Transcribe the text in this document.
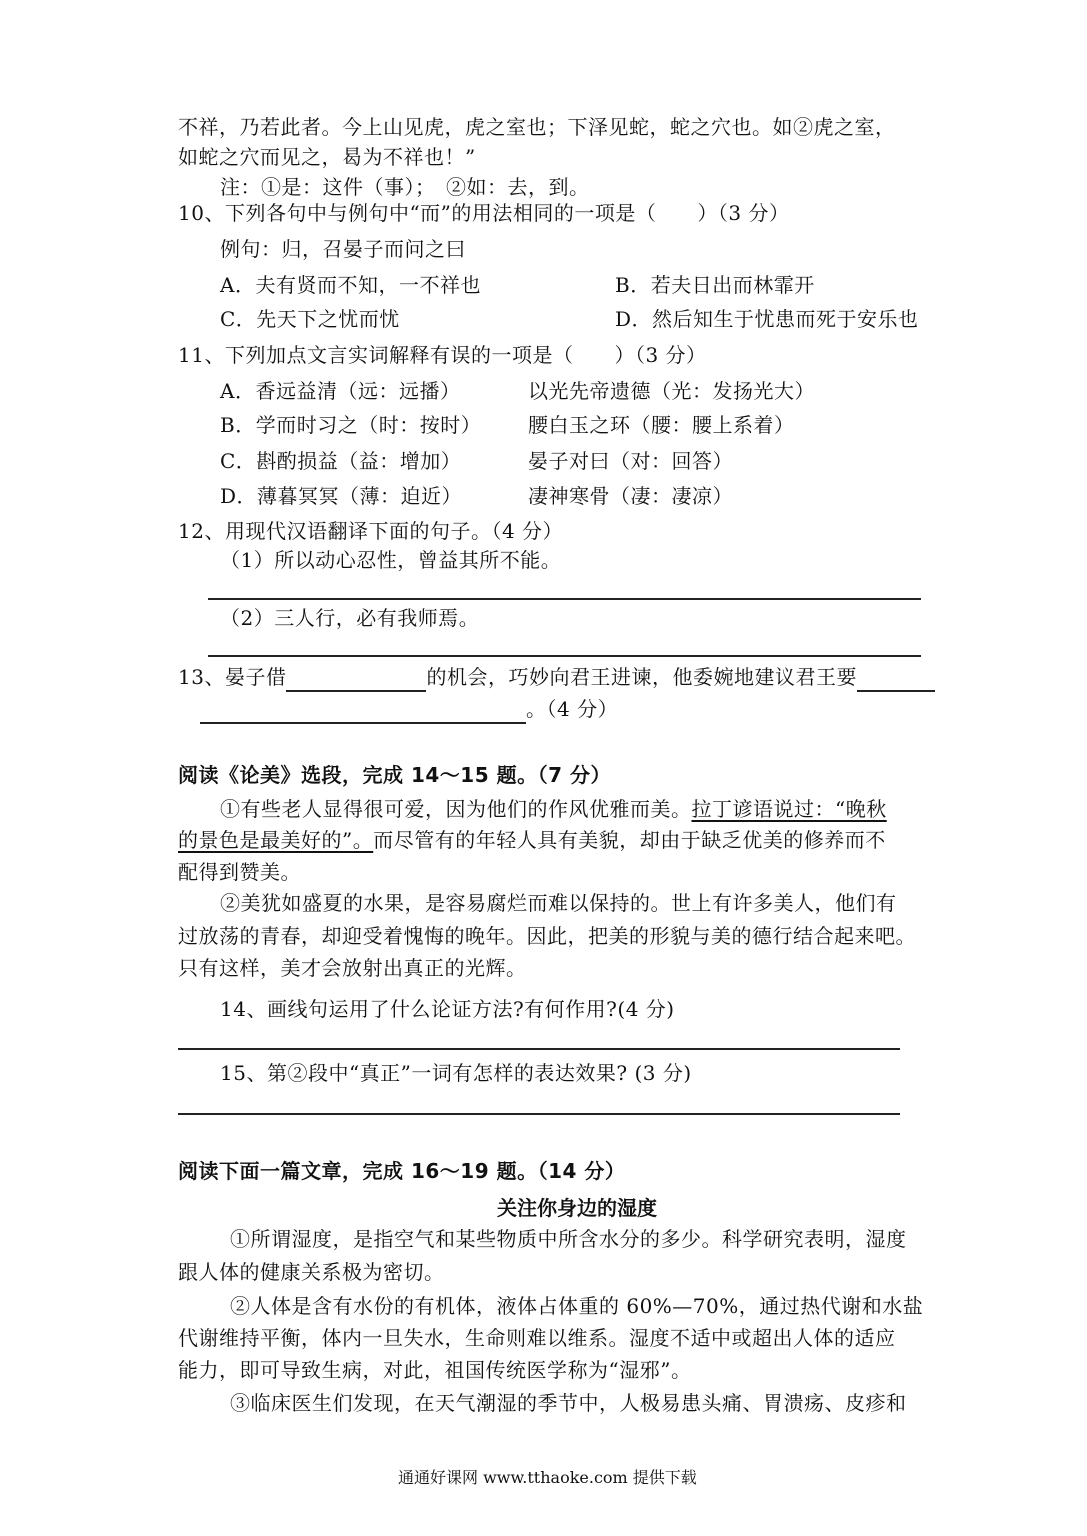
不祥，乃若此者。今上山见虎，虎之室也；下泽见蛇，蛇之穴也。如②虎之室，
如蛇之穴而见之，曷为不祥也！”
注：①是：这件（事）；　②如：去，到。
10、下列各句中与例句中“而”的用法相同的一项是（　　）（3 分）
例句：归，召晏子而问之曰
A．夫有贤而不知，一不祥也	B．若夫日出而林霏开
C．先天下之忧而忧	D．然后知生于忧患而死于安乐也
11、下列加点文言实词解释有误的一项是（　　）（3 分）
A．香远益清（远：远播）	以光先帝遗德（光：发扬光大）
B．学而时习之（时：按时） 腰白玉之环（腰：腰上系着）
C．斟酌损益（益：增加）	晏子对曰（对：回答）
D．薄暮冥冥（薄：迫近）	凄神寒骨（凄：凄凉）
12、用现代汉语翻译下面的句子。（4 分）
（1）所以动心忍性，曾益其所不能。
（2）三人行，必有我师焉。
13、晏子借	的机会，巧妙向君王进谏，他委婉地建议君王要
。（4 分）
阅读《论美》选段，完成 14～15 题。（7 分）
①有些老人显得很可爱，因为他们的作风优雅而美。拉丁谚语说过：“晚秋
的景色是最美好的”。而尽管有的年轻人具有美貌，却由于缺乏优美的修养而不
配得到赞美。
②美犹如盛夏的水果，是容易腐烂而难以保持的。世上有许多美人，他们有
过放荡的青春，却迎受着愧悔的晚年。因此，把美的形貌与美的德行结合起来吧。
只有这样，美才会放射出真正的光辉。
14、画线句运用了什么论证方法?有何作用?(4 分)
15、第②段中“真正”一词有怎样的表达效果? (3 分)
阅读下面一篇文章，完成 16～19 题。（14 分）
关注你身边的湿度
①所谓湿度，是指空气和某些物质中所含水分的多少。科学研究表明，湿度
跟人体的健康关系极为密切。
②人体是含有水份的有机体，液体占体重的 60%—70%，通过热代谢和水盐
代谢维持平衡，体内一旦失水，生命则难以维系。湿度不适中或超出人体的适应
能力，即可导致生病，对此，祖国传统医学称为“湿邪”。
③临床医生们发现，在天气潮湿的季节中，人极易患头痛、胃溃疡、皮疹和
通通好课网 www.tthaoke.com 提供下载
